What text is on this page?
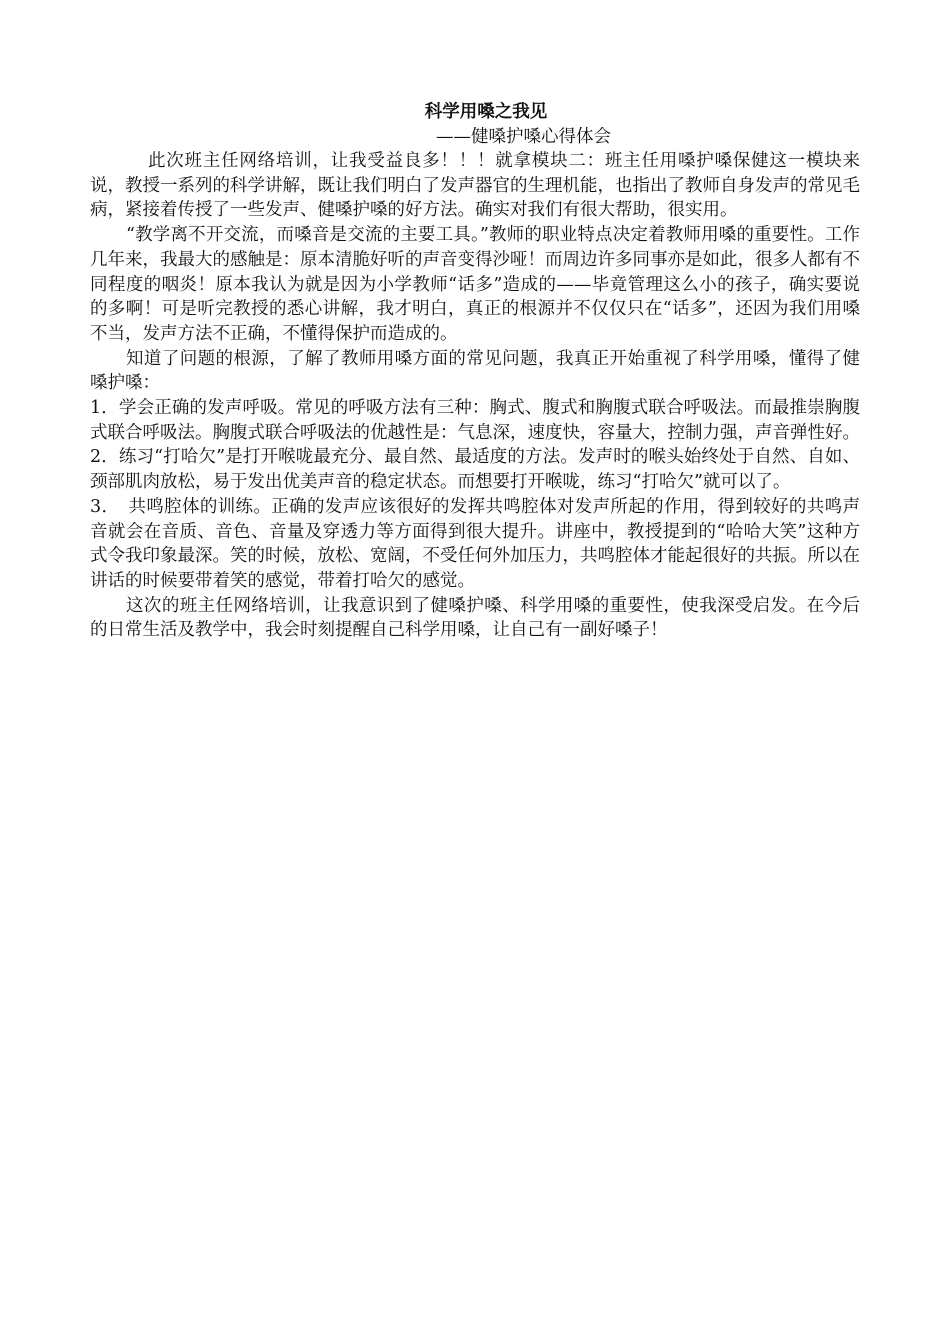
科学用嗓之我见
——健嗓护嗓心得体会

此次班主任网络培训，让我受益良多！！！就拿模块二：班主任用嗓护嗓保健这一模块来说，教授一系列的科学讲解，既让我们明白了发声器官的生理机能，也指出了教师自身发声的常见毛病，紧接着传授了一些发声、健嗓护嗓的好方法。确实对我们有很大帮助，很实用。

“教学离不开交流，而嗓音是交流的主要工具。”教师的职业特点决定着教师用嗓的重要性。工作几年来，我最大的感触是：原本清脆好听的声音变得沙哑！而周边许多同事亦是如此，很多人都有不同程度的咽炎！原本我认为就是因为小学教师“话多”造成的——毕竟管理这么小的孩子，确实要说的多啊！可是听完教授的悉心讲解，我才明白，真正的根源并不仅仅只在“话多”，还因为我们用嗓不当，发声方法不正确，不懂得保护而造成的。

知道了问题的根源，了解了教师用嗓方面的常见问题，我真正开始重视了科学用嗓，懂得了健嗓护嗓：

1．学会正确的发声呼吸。常见的呼吸方法有三种：胸式、腹式和胸腹式联合呼吸法。而最推崇胸腹式联合呼吸法。胸腹式联合呼吸法的优越性是：气息深，速度快，容量大，控制力强，声音弹性好。

2．练习“打哈欠”是打开喉咙最充分、最自然、最适度的方法。发声时的喉头始终处于自然、自如、颈部肌肉放松，易于发出优美声音的稳定状态。而想要打开喉咙，练习“打哈欠”就可以了。

3．　共鸣腔体的训练。正确的发声应该很好的发挥共鸣腔体对发声所起的作用，得到较好的共鸣声音就会在音质、音色、音量及穿透力等方面得到很大提升。讲座中，教授提到的“哈哈大笑”这种方式令我印象最深。笑的时候，放松、宽阔，不受任何外加压力，共鸣腔体才能起很好的共振。所以在讲话的时候要带着笑的感觉，带着打哈欠的感觉。

这次的班主任网络培训，让我意识到了健嗓护嗓、科学用嗓的重要性，使我深受启发。在今后的日常生活及教学中，我会时刻提醒自己科学用嗓，让自己有一副好嗓子！
